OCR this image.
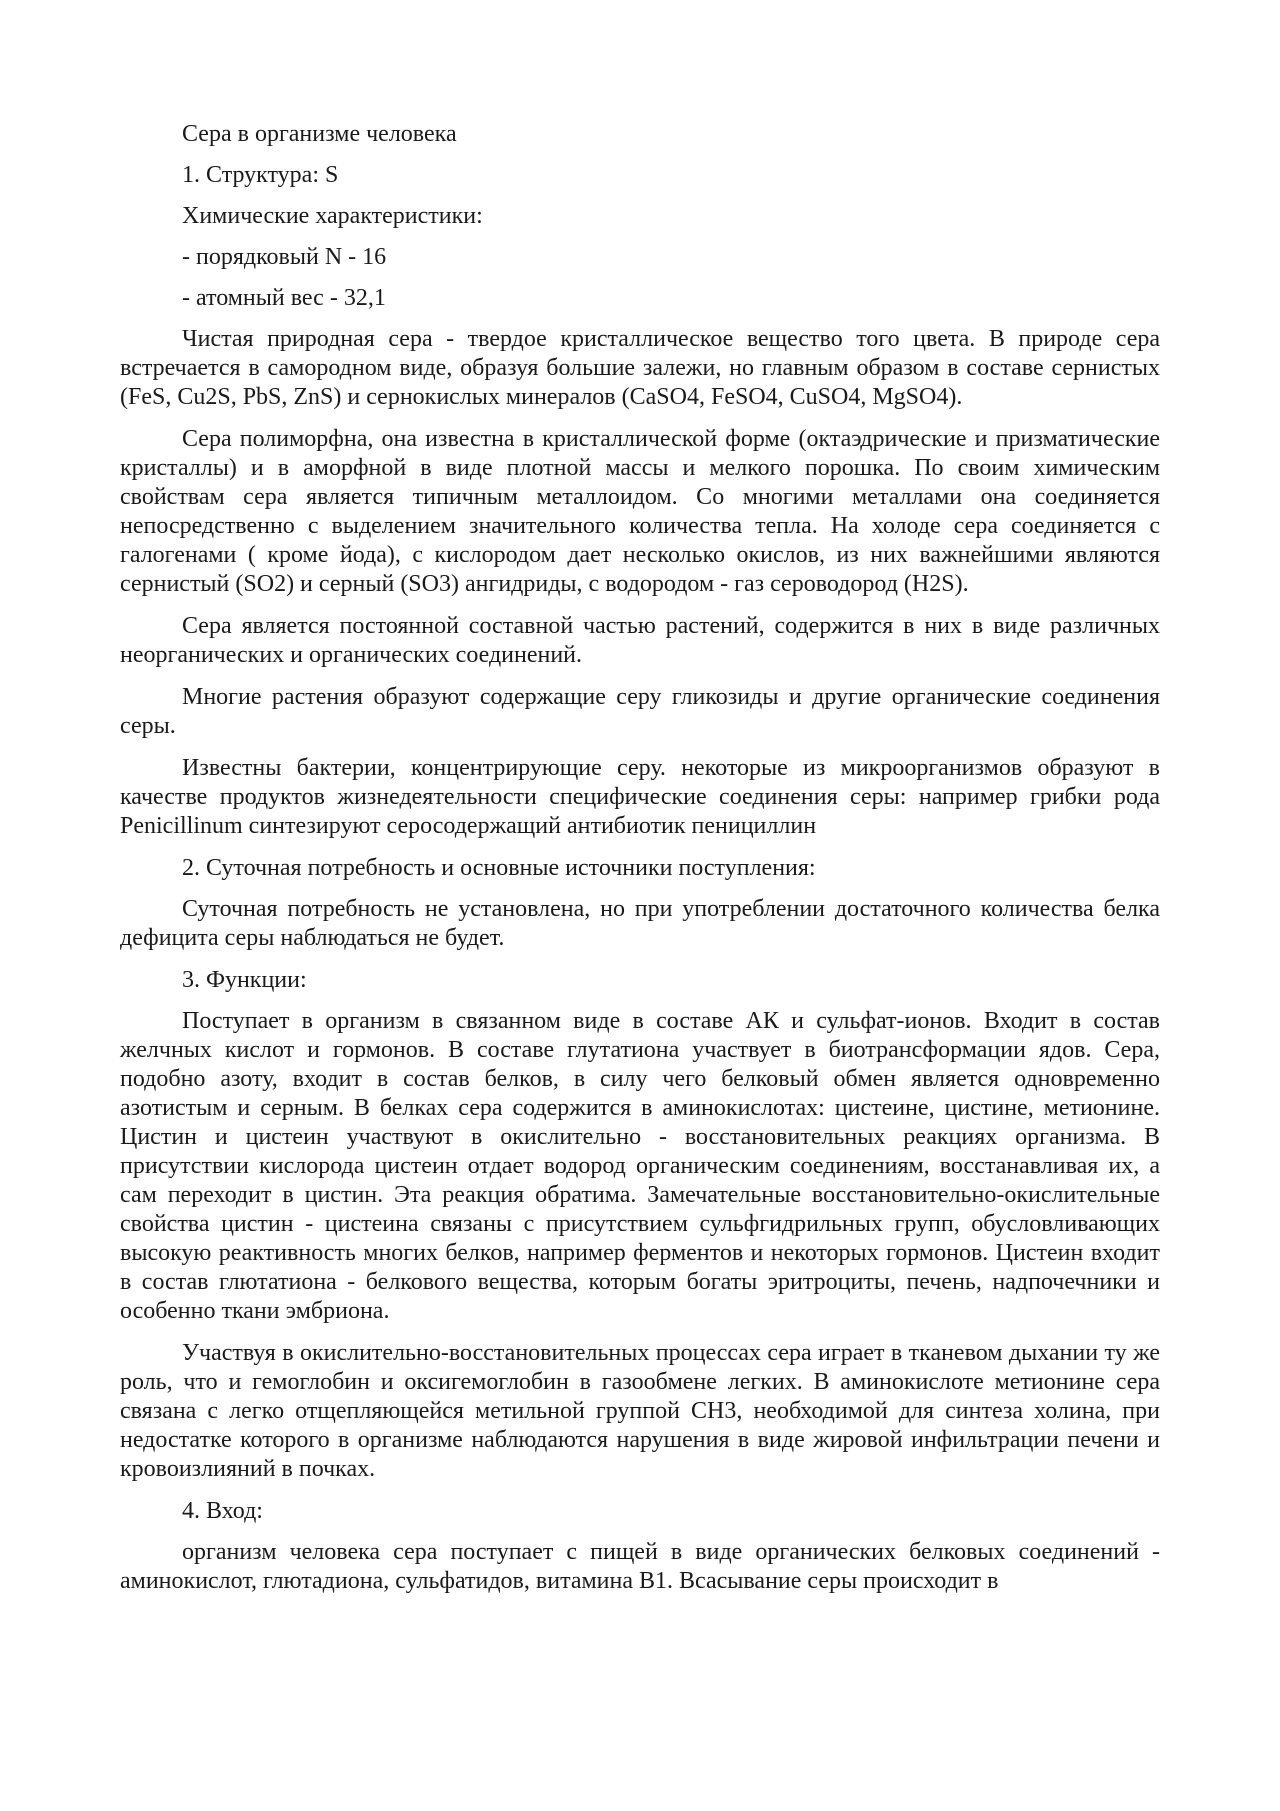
Сера в организме человека

1. Структура: S

Химические характеристики:

- порядковый N - 16

- атомный вес - 32,1

Чистая природная сера - твердое кристаллическое вещество того цвета. В природе сера встречается в самородном виде, образуя большие залежи, но главным образом в составе сернистых (FeS, Cu2S, PbS, ZnS) и сернокислых минералов (CaSO4, FeSO4, CuSO4, MgSO4).

Сера полиморфна, она известна в кристаллической форме (октаэдрические и призматические кристаллы) и в аморфной в виде плотной массы и мелкого порошка. По своим химическим свойствам сера является типичным металлоидом. Со многими металлами она соединяется непосредственно с выделением значительного количества тепла. На холоде сера соединяется с галогенами ( кроме йода), с кислородом дает несколько окислов, из них важнейшими являются сернистый (SO2) и серный (SO3) ангидриды, с водородом - газ сероводород (H2S).

Сера является постоянной составной частью растений, содержится в них в виде различных неорганических и органических соединений.

Многие растения образуют содержащие серу гликозиды и другие органические соединения серы.

Известны бактерии, концентрирующие серу. некоторые из микроорганизмов образуют в качестве продуктов жизнедеятельности специфические соединения серы: например грибки рода Penicillinum синтезируют серосодержащий антибиотик пенициллин

2. Суточная потребность и основные источники поступления:

Суточная потребность не установлена, но при употреблении достаточного количества белка дефицита серы наблюдаться не будет.

3. Функции:

Поступает в организм в связанном виде в составе АК и сульфат-ионов. Входит в состав желчных кислот и гормонов. В составе глутатиона участвует в биотрансформации ядов. Сера, подобно азоту, входит в состав белков, в силу чего белковый обмен является одновременно азотистым и серным. В белках сера содержится в аминокислотах: цистеине, цистине, метионине. Цистин и цистеин участвуют в окислительно - восстановительных реакциях организма. В присутствии кислорода цистеин отдает водород органическим соединениям, восстанавливая их, а сам переходит в цистин. Эта реакция обратима. Замечательные восстановительно-окислительные свойства цистин - цистеина связаны с присутствием сульфгидрильных групп, обусловливающих высокую реактивность многих белков, например ферментов и некоторых гормонов. Цистеин входит в состав глютатиона - белкового вещества, которым богаты эритроциты, печень, надпочечники и особенно ткани эмбриона.

Участвуя в окислительно-восстановительных процессах сера играет в тканевом дыхании ту же роль, что и гемоглобин и оксигемоглобин в газообмене легких. В аминокислоте метионине сера связана с легко отщепляющейся метильной группой CH3, необходимой для синтеза холина, при недостатке которого в организме наблюдаются нарушения в виде жировой инфильтрации печени и кровоизлияний в почках.

4. Вход:

организм человека сера поступает с пищей в виде органических белковых соединений - аминокислот, глютадиона, сульфатидов, витамина B1. Всасывание серы происходит в
